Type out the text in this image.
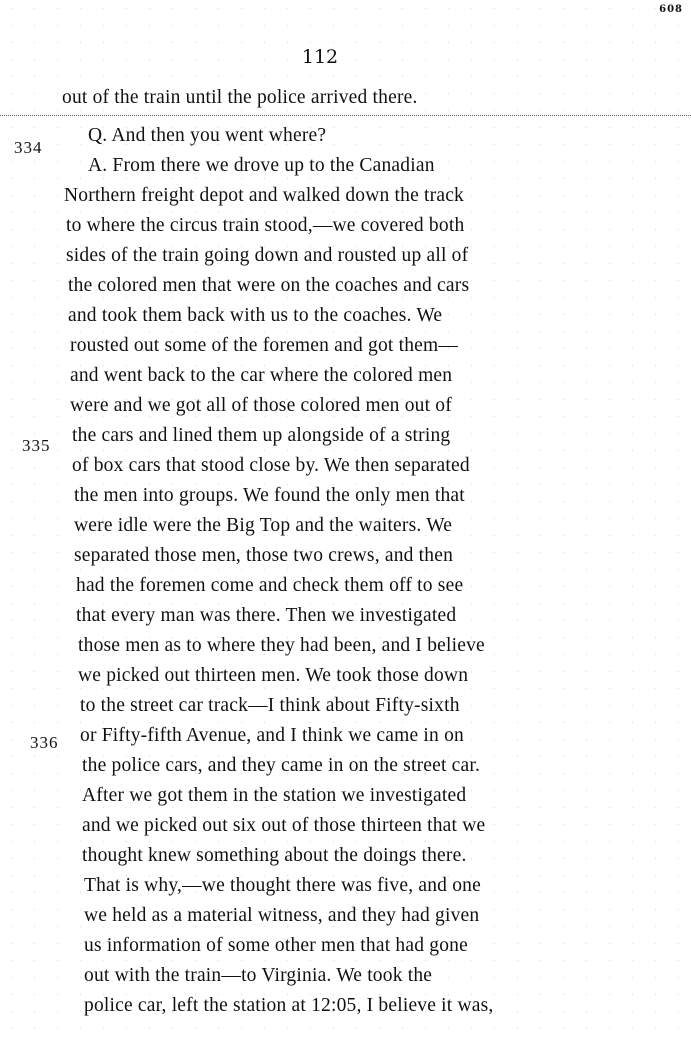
608
112
334
335
336
out of the train until the police arrived there.
Q. And then you went where?
A. From there we drove up to the Canadian
Northern freight depot and walked down the track
to where the circus train stood,—we covered both
sides of the train going down and rousted up all of
the colored men that were on the coaches and cars
and took them back with us to the coaches. We
rousted out some of the foremen and got them—
and went back to the car where the colored men
were and we got all of those colored men out of
the cars and lined them up alongside of a string
of box cars that stood close by. We then separated
the men into groups. We found the only men that
were idle were the Big Top and the waiters. We
separated those men, those two crews, and then
had the foremen come and check them off to see
that every man was there. Then we investigated
those men as to where they had been, and I believe
we picked out thirteen men. We took those down
to the street car track—I think about Fifty-sixth
or Fifty-fifth Avenue, and I think we came in on
the police cars, and they came in on the street car.
After we got them in the station we investigated
and we picked out six out of those thirteen that we
thought knew something about the doings there.
That is why,—we thought there was five, and one
we held as a material witness, and they had given
us information of some other men that had gone
out with the train—to Virginia. We took the
police car, left the station at 12:05, I believe it was,
